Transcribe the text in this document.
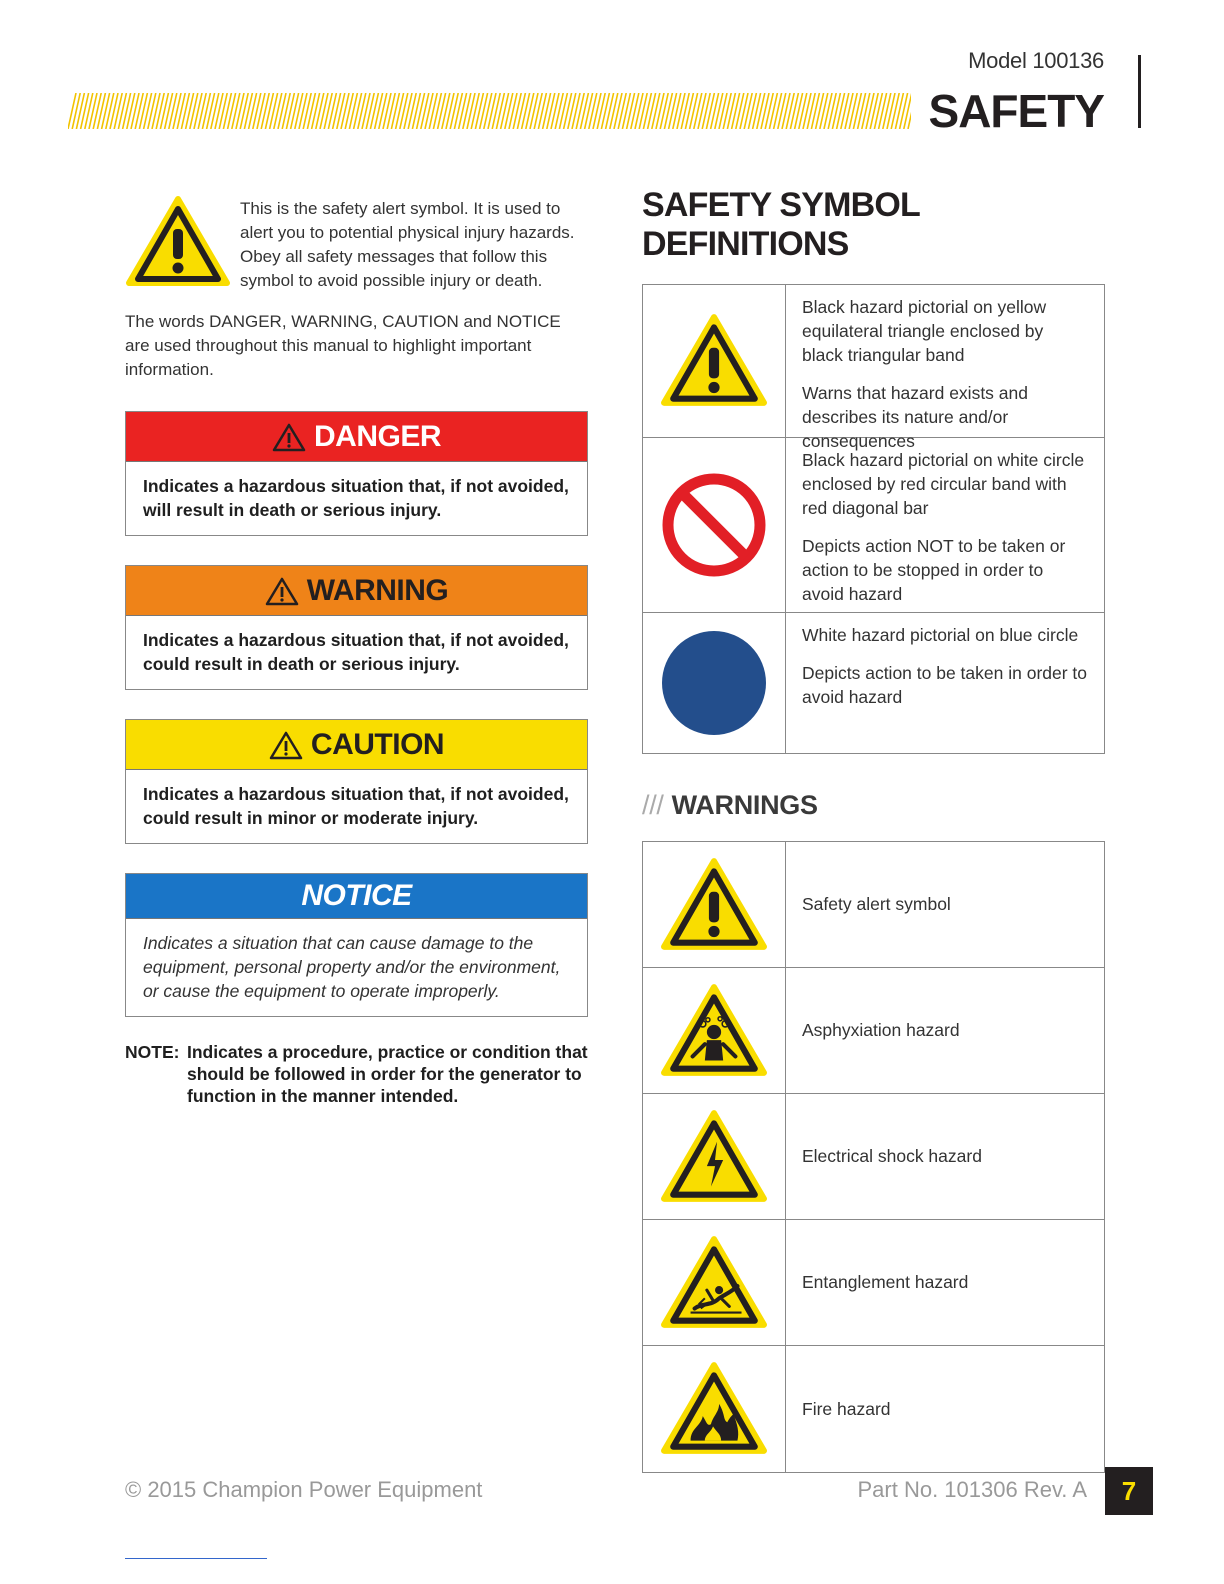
Model 100136
SAFETY
This is the safety alert symbol. It is used to alert you to potential physical injury hazards. Obey all safety messages that follow this symbol to avoid possible injury or death.
The words DANGER, WARNING, CAUTION and NOTICE are used throughout this manual to highlight important information.
DANGER
Indicates a hazardous situation that, if not avoided, will result in death or serious injury.
WARNING
Indicates a hazardous situation that, if not avoided, could result in death or serious injury.
CAUTION
Indicates a hazardous situation that, if not avoided, could result in minor or moderate injury.
NOTICE
Indicates a situation that can cause damage to the equipment, personal property and/or the environment, or cause the equipment to operate improperly.
NOTE: Indicates a procedure, practice or condition that should be followed in order for the generator to function in the manner intended.
SAFETY SYMBOL DEFINITIONS

Black hazard pictorial on yellow equilateral triangle enclosed by black triangular band

Warns that hazard exists and describes its nature and/or consequences

Black hazard pictorial on white circle enclosed by red circular band with red diagonal bar

Depicts action NOT to be taken or action to be stopped in order to avoid hazard

White hazard pictorial on blue circle

Depicts action to be taken in order to avoid hazard

/// WARNINGS
Safety alert symbol
Asphyxiation hazard
Electrical shock hazard
Entanglement hazard
Fire hazard
© 2015 Champion Power Equipment	Part No. 101306 Rev. A	7
